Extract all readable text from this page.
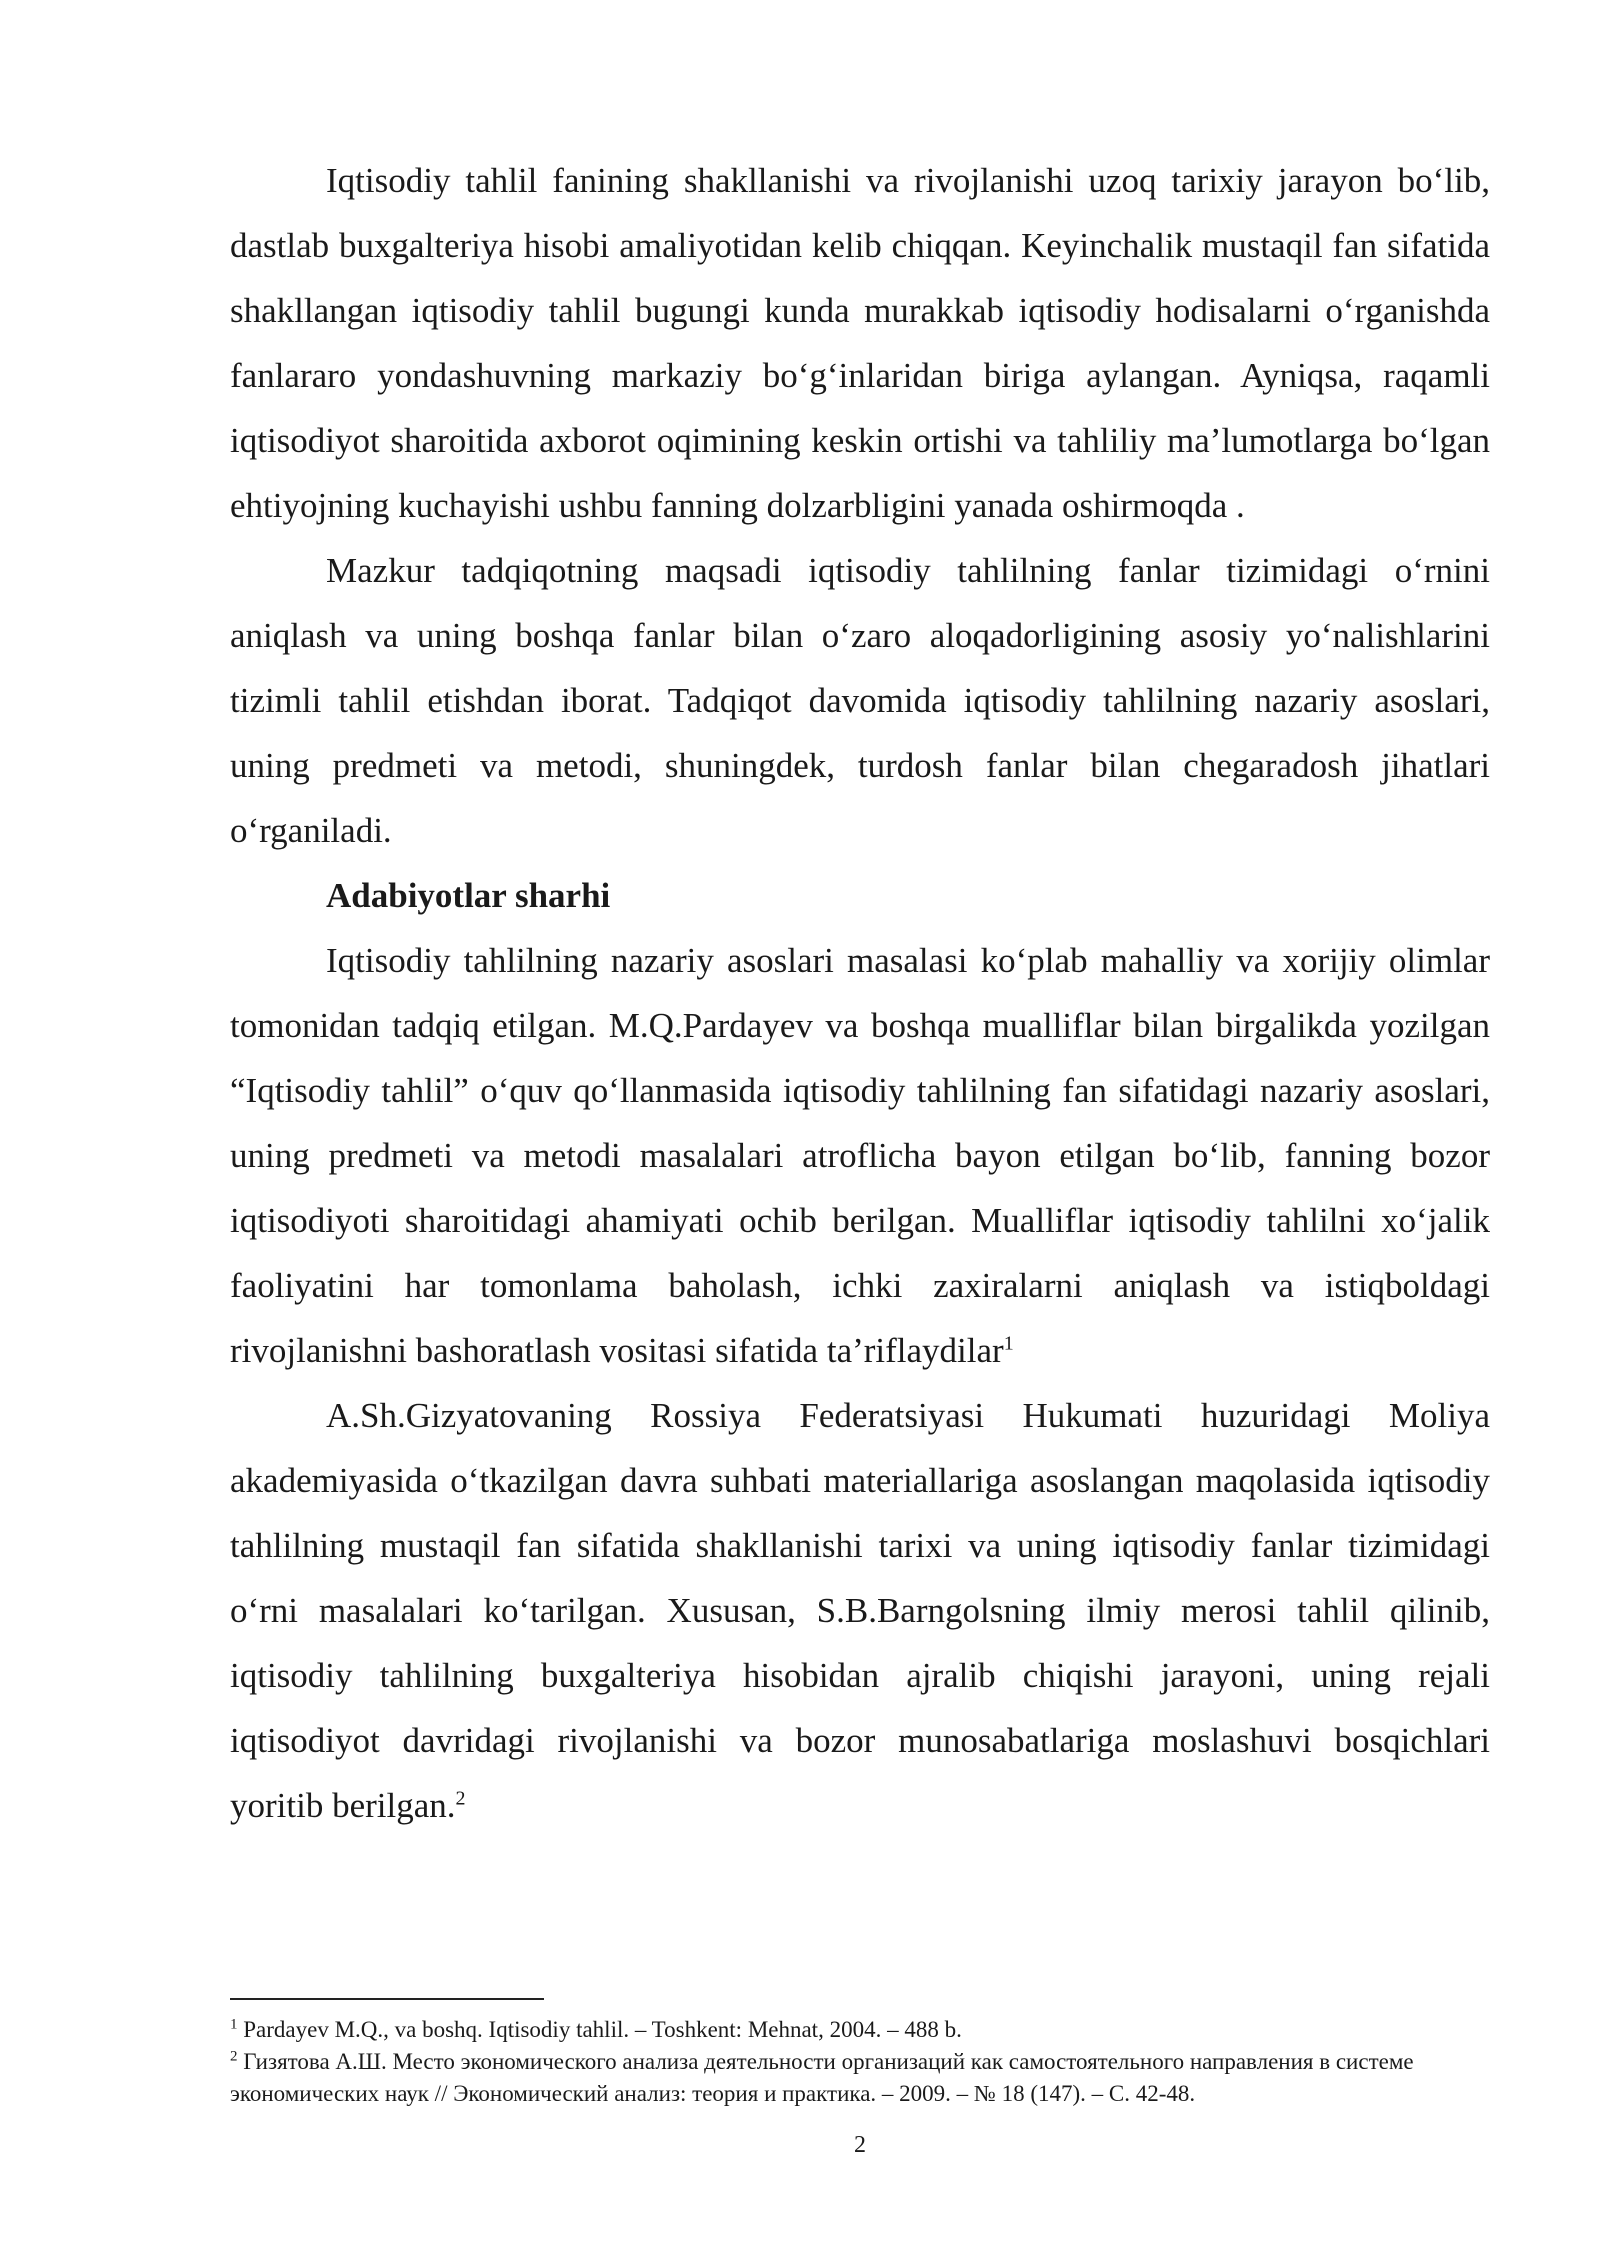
Iqtisodiy tahlil fanining shakllanishi va rivojlanishi uzoq tarixiy jarayon bo‘lib, dastlab buxgalteriya hisobi amaliyotidan kelib chiqqan. Keyinchalik mustaqil fan sifatida shakllangan iqtisodiy tahlil bugungi kunda murakkab iqtisodiy hodisalarni o‘rganishda fanlararo yondashuvning markaziy bo‘g‘inlaridan biriga aylangan. Ayniqsa, raqamli iqtisodiyot sharoitida axborot oqimining keskin ortishi va tahliliy ma’lumotlarga bo‘lgan ehtiyojning kuchayishi ushbu fanning dolzarbligini yanada oshirmoqda .

Mazkur tadqiqotning maqsadi iqtisodiy tahlilning fanlar tizimidagi o‘rnini aniqlash va uning boshqa fanlar bilan o‘zaro aloqadorligining asosiy yo‘nalishlarini tizimli tahlil etishdan iborat. Tadqiqot davomida iqtisodiy tahlilning nazariy asoslari, uning predmeti va metodi, shuningdek, turdosh fanlar bilan chegaradosh jihatlari o‘rganiladi.

Adabiyotlar sharhi

Iqtisodiy tahlilning nazariy asoslari masalasi ko‘plab mahalliy va xorijiy olimlar tomonidan tadqiq etilgan. M.Q.Pardayev va boshqa mualliflar bilan birgalikda yozilgan “Iqtisodiy tahlil” o‘quv qo‘llanmasida iqtisodiy tahlilning fan sifatidagi nazariy asoslari, uning predmeti va metodi masalalari atroflicha bayon etilgan bo‘lib, fanning bozor iqtisodiyoti sharoitidagi ahamiyati ochib berilgan. Mualliflar iqtisodiy tahlilni xo‘jalik faoliyatini har tomonlama baholash, ichki zaxiralarni aniqlash va istiqboldagi rivojlanishni bashoratlash vositasi sifatida ta’riflaydilar$^1$

A.Sh.Gizyatovaning Rossiya Federatsiyasi Hukumati huzuridagi Moliya akademiyasida o‘tkazilgan davra suhbati materiallariga asoslangan maqolasida iqtisodiy tahlilning mustaqil fan sifatida shakllanishi tarixi va uning iqtisodiy fanlar tizimidagi o‘rni masalalari ko‘tarilgan. Xususan, S.B.Barngolsning ilmiy merosi tahlil qilinib, iqtisodiy tahlilning buxgalteriya hisobidan ajralib chiqishi jarayoni, uning rejali iqtisodiyot davridagi rivojlanishi va bozor munosabatlariga moslashuvi bosqichlari yoritib berilgan.$^2$

$^1$ Pardayev M.Q., va boshq. Iqtisodiy tahlil. – Toshkent: Mehnat, 2004. – 488 b.

$^2$ Гизятова А.Ш. Место экономического анализа деятельности организаций как самостоятельного направления в системе экономических наук // Экономический анализ: теория и практика. – 2009. – № 18 (147). – С. 42-48.

2
